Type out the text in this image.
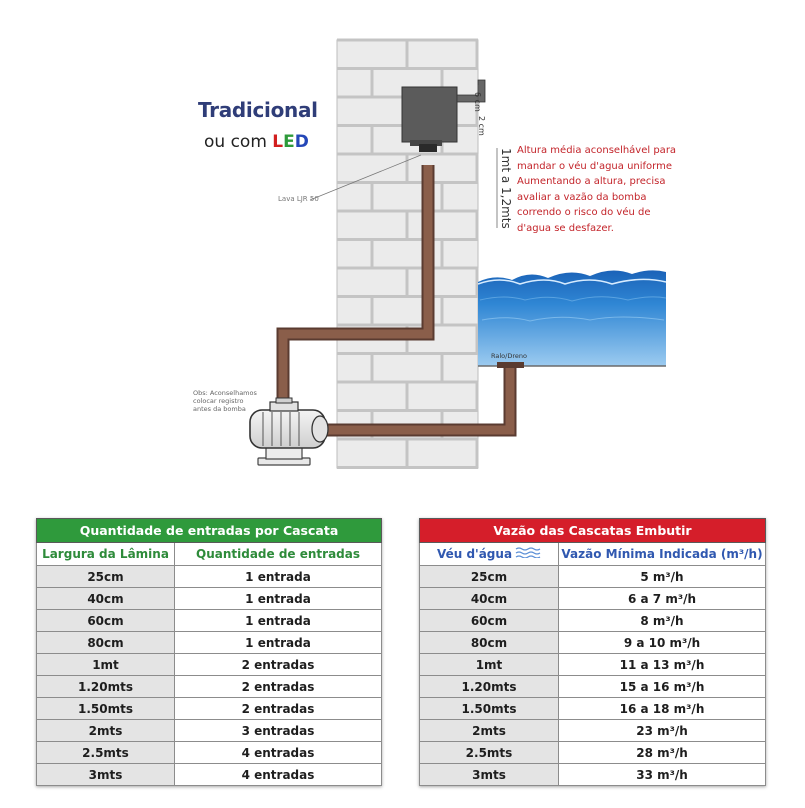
Tradicional
ou com LED
Lava LJR 50
Obs: Aconselhamos colocar registro antes da bomba
Ralo/Dreno
6 cm
2 cm
1mt a 1,2mts Altura média aconselhável para mandar o véu d'agua uniforme Aumentando a altura, precisa avaliar a vazão da bomba correndo o risco do véu de d'agua se desfazer.
Quantidade de entradas por Cascata	
Largura da Lâmina	Quantidade de entradas
25cm	1 entrada
40cm	1 entrada
60cm	1 entrada
80cm	1 entrada
1mt	2 entradas
1.20mts	2 entradas
1.50mts	2 entradas
2mts	3 entradas
2.5mts	4 entradas
3mts	4 entradas
Vazão das Cascatas Embutir	
Véu d'água	Vazão Mínima Indicada (m³/h)
25cm	5 m³/h
40cm	6 a 7 m³/h
60cm	8 m³/h
80cm	9 a 10 m³/h
1mt	11 a 13 m³/h
1.20mts	15 a 16 m³/h
1.50mts	16 a 18 m³/h
2mts	23 m³/h
2.5mts	28 m³/h
3mts	33 m³/h
